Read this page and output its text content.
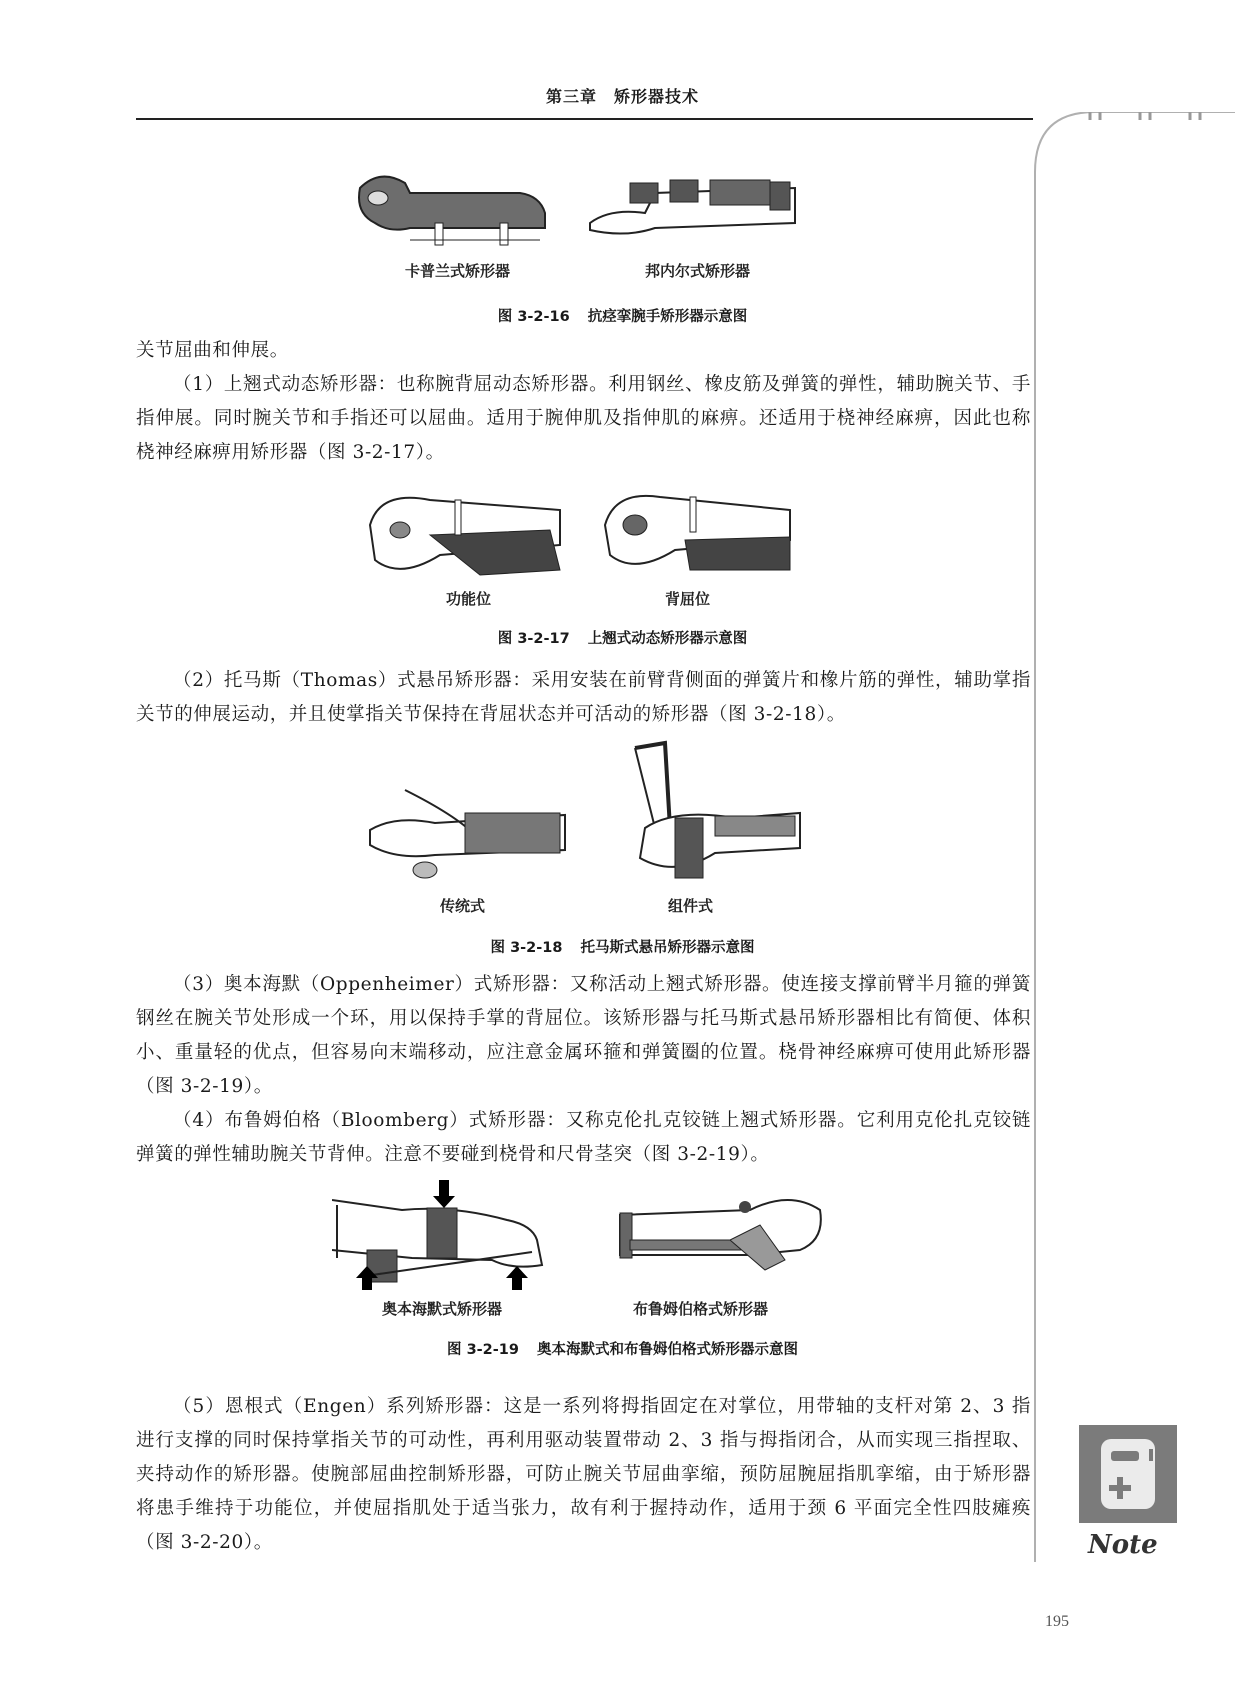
第三章　矫形器技术
卡普兰式矫形器	邦内尔式矫形器
图 3-2-16 抗痉挛腕手矫形器示意图
关节屈曲和伸展。
（1）上翘式动态矫形器：也称腕背屈动态矫形器。利用钢丝、橡皮筋及弹簧的弹性，辅助腕关节、手指伸展。同时腕关节和手指还可以屈曲。适用于腕伸肌及指伸肌的麻痹。还适用于桡神经麻痹，因此也称桡神经麻痹用矫形器（图 3-2-17）。
功能位	背屈位
图 3-2-17 上翘式动态矫形器示意图
（2）托马斯（Thomas）式悬吊矫形器：采用安装在前臂背侧面的弹簧片和橡片筋的弹性，辅助掌指关节的伸展运动，并且使掌指关节保持在背屈状态并可活动的矫形器（图 3-2-18）。
传统式	组件式
图 3-2-18 托马斯式悬吊矫形器示意图
（3）奥本海默（Oppenheimer）式矫形器：又称活动上翘式矫形器。使连接支撑前臂半月箍的弹簧钢丝在腕关节处形成一个环，用以保持手掌的背屈位。该矫形器与托马斯式悬吊矫形器相比有简便、体积小、重量轻的优点，但容易向末端移动，应注意金属环箍和弹簧圈的位置。桡骨神经麻痹可使用此矫形器（图 3-2-19）。
（4）布鲁姆伯格（Bloomberg）式矫形器：又称克伦扎克铰链上翘式矫形器。它利用克伦扎克铰链弹簧的弹性辅助腕关节背伸。注意不要碰到桡骨和尺骨茎突（图 3-2-19）。
奥本海默式矫形器	布鲁姆伯格式矫形器
图 3-2-19 奥本海默式和布鲁姆伯格式矫形器示意图
（5）恩根式（Engen）系列矫形器：这是一系列将拇指固定在对掌位，用带轴的支杆对第 2、3 指进行支撑的同时保持掌指关节的可动性，再利用驱动装置带动 2、3 指与拇指闭合，从而实现三指捏取、夹持动作的矫形器。使腕部屈曲控制矫形器，可防止腕关节屈曲挛缩，预防屈腕屈指肌挛缩，由于矫形器将患手维持于功能位，并使屈指肌处于适当张力，故有利于握持动作，适用于颈 6 平面完全性四肢瘫痪（图 3-2-20）。	Note
195
